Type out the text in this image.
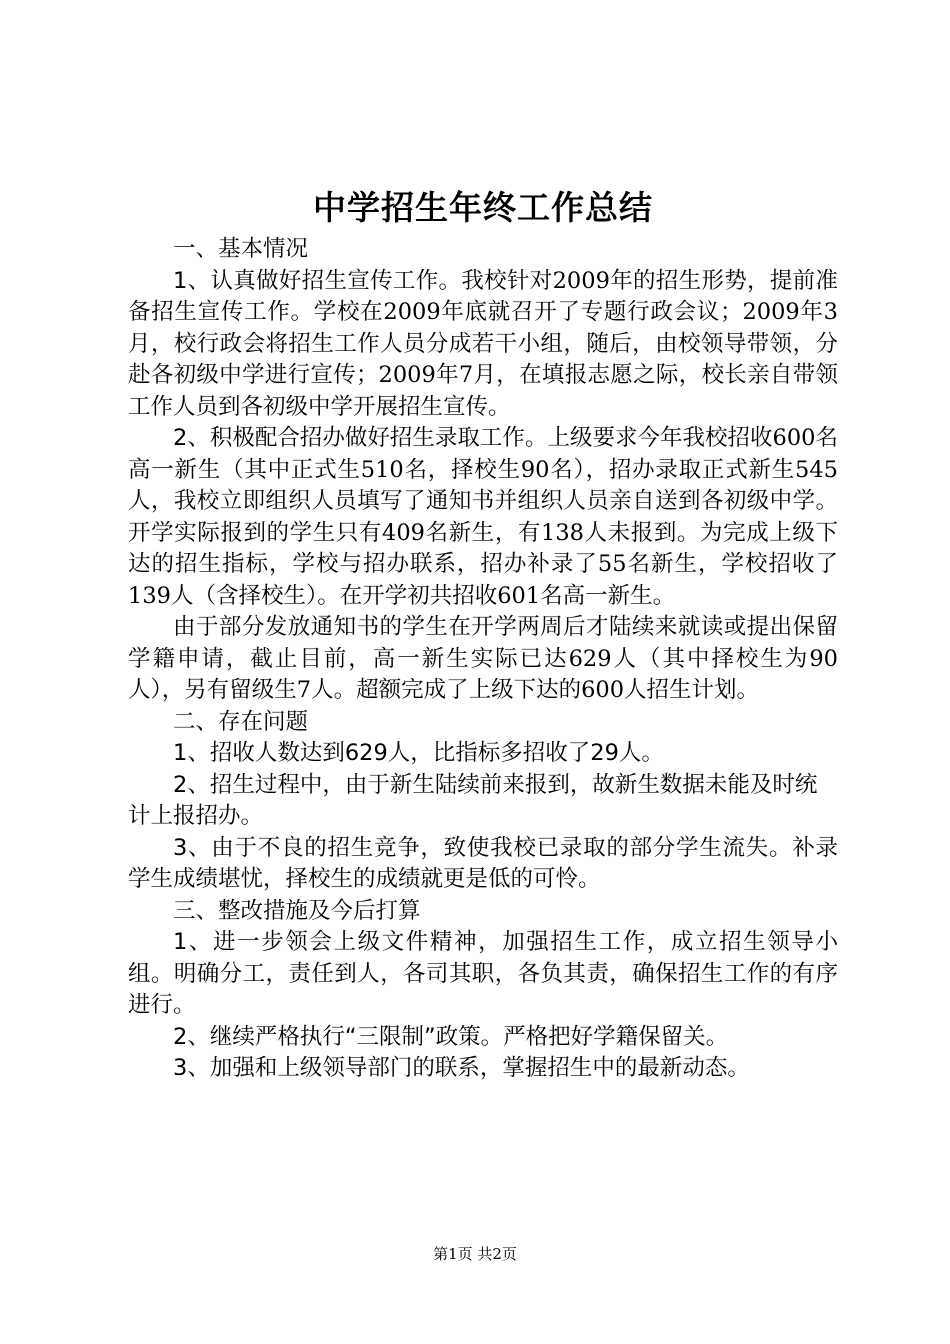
中学招生年终工作总结

一、基本情况

1、认真做好招生宣传工作。我校针对2009年的招生形势，提前准备招生宣传工作。学校在2009年底就召开了专题行政会议；2009年3月，校行政会将招生工作人员分成若干小组，随后，由校领导带领，分赴各初级中学进行宣传；2009年7月，在填报志愿之际，校长亲自带领工作人员到各初级中学开展招生宣传。

2、积极配合招办做好招生录取工作。上级要求今年我校招收600名高一新生（其中正式生510名，择校生90名），招办录取正式新生545人，我校立即组织人员填写了通知书并组织人员亲自送到各初级中学。开学实际报到的学生只有409名新生，有138人未报到。为完成上级下达的招生指标，学校与招办联系，招办补录了55名新生，学校招收了139人（含择校生）。在开学初共招收601名高一新生。

由于部分发放通知书的学生在开学两周后才陆续来就读或提出保留学籍申请，截止目前，高一新生实际已达629人（其中择校生为90人），另有留级生7人。超额完成了上级下达的600人招生计划。

二、存在问题

1、招收人数达到629人，比指标多招收了29人。

2、招生过程中，由于新生陆续前来报到，故新生数据未能及时统计上报招办。

3、由于不良的招生竞争，致使我校已录取的部分学生流失。补录学生成绩堪忧，择校生的成绩就更是低的可怜。

三、整改措施及今后打算

1、进一步领会上级文件精神，加强招生工作，成立招生领导小组。明确分工，责任到人，各司其职，各负其责，确保招生工作的有序进行。

2、继续严格执行“三限制”政策。严格把好学籍保留关。

3、加强和上级领导部门的联系，掌握招生中的最新动态。

第1页 共2页
